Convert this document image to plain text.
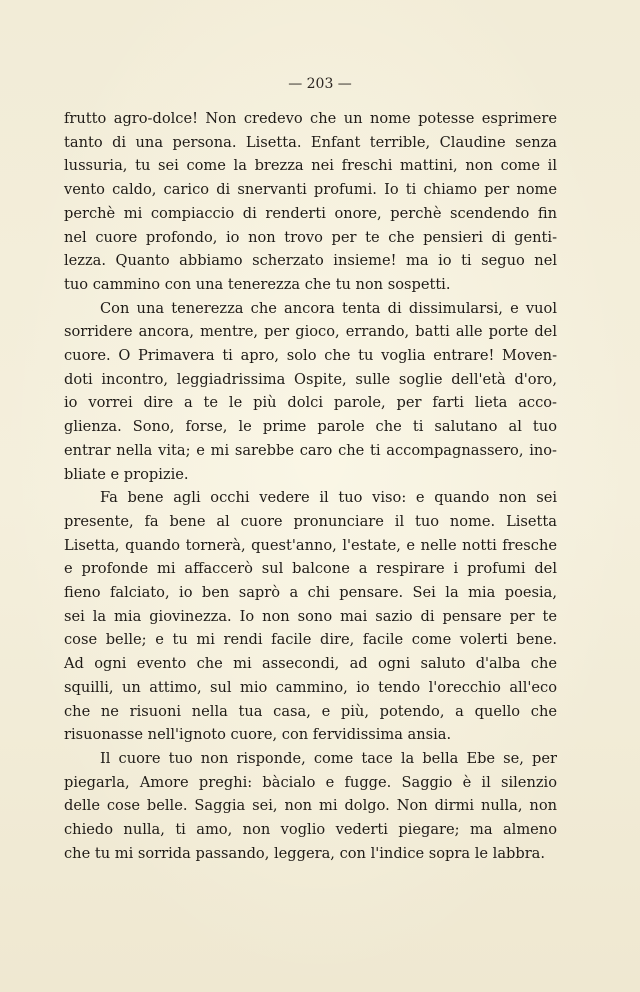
— 203 —

frutto agro-dolce! Non credevo che un nome potesse esprimere
tanto di una persona. Lisetta. Enfant terrible, Claudine senza
lussuria, tu sei come la brezza nei freschi mattini, non come il
vento caldo, carico di snervanti profumi. Io ti chiamo per nome
perchè mi compiaccio di renderti onore, perchè scendendo fin
nel cuore profondo, io non trovo per te che pensieri di genti-
lezza. Quanto abbiamo scherzato insieme! ma io ti seguo nel
tuo cammino con una tenerezza che tu non sospetti.

Con una tenerezza che ancora tenta di dissimularsi, e vuol
sorridere ancora, mentre, per gioco, errando, batti alle porte del
cuore. O Primavera ti apro, solo che tu voglia entrare! Moven-
doti incontro, leggiadrissima Ospite, sulle soglie dell'età d'oro,
io vorrei dire a te le più dolci parole, per farti lieta acco-
glienza. Sono, forse, le prime parole che ti salutano al tuo
entrar nella vita; e mi sarebbe caro che ti accompagnassero, ino-
bliate e propizie.

Fa bene agli occhi vedere il tuo viso: e quando non sei
presente, fa bene al cuore pronunciare il tuo nome. Lisetta
Lisetta, quando tornerà, quest'anno, l'estate, e nelle notti fresche
e profonde mi affaccerò sul balcone a respirare i profumi del
fieno falciato, io ben saprò a chi pensare. Sei la mia poesia,
sei la mia giovinezza. Io non sono mai sazio di pensare per te
cose belle; e tu mi rendi facile dire, facile come volerti bene.
Ad ogni evento che mi assecondi, ad ogni saluto d'alba che
squilli, un attimo, sul mio cammino, io tendo l'orecchio all'eco
che ne risuoni nella tua casa, e più, potendo, a quello che
risuonasse nell'ignoto cuore, con fervidissima ansia.

Il cuore tuo non risponde, come tace la bella Ebe se, per
piegarla, Amore preghi: bàcialo e fugge. Saggio è il silenzio
delle cose belle. Saggia sei, non mi dolgo. Non dirmi nulla, non
chiedo nulla, ti amo, non voglio vederti piegare; ma almeno
che tu mi sorrida passando, leggera, con l'indice sopra le labbra.
